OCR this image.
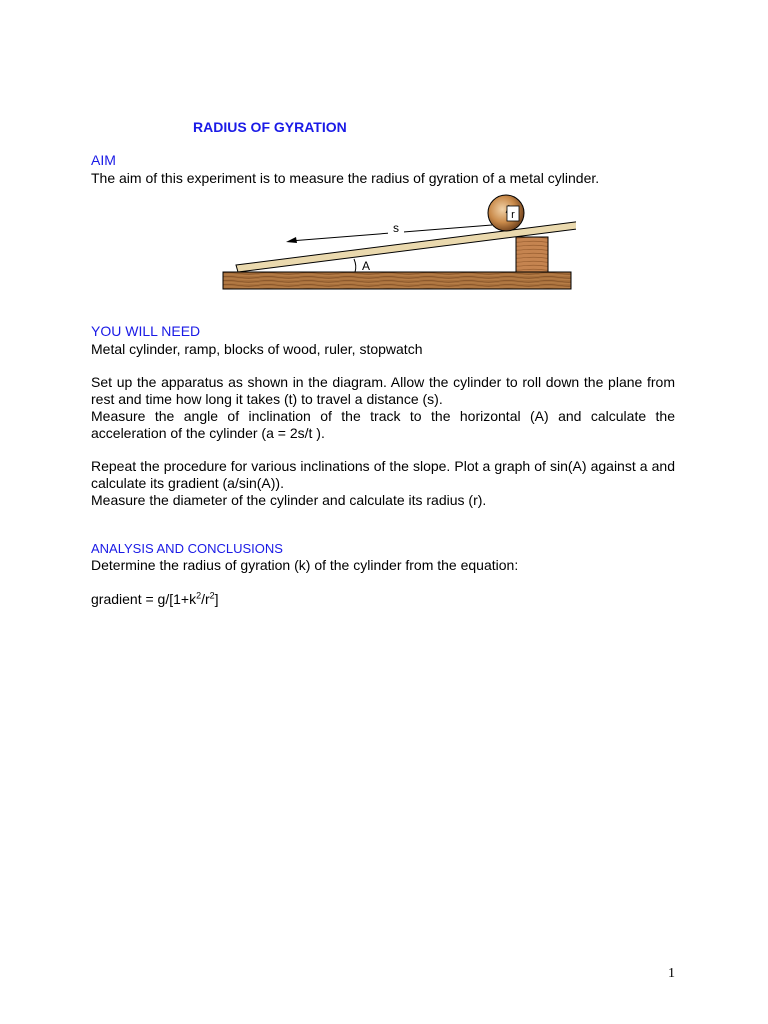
RADIUS OF GYRATION
AIM
The aim of this experiment is to measure the radius of gyration of a metal cylinder.
s
r
A
YOU WILL NEED
Metal cylinder, ramp, blocks of wood, ruler, stopwatch
Set up the apparatus as shown in the diagram. Allow the cylinder to roll down the plane from rest and time how long it takes (t) to travel a distance (s).
Measure the angle of inclination of the track to the horizontal (A) and calculate the acceleration of the cylinder (a = 2s/t ).
Repeat the procedure for various inclinations of the slope. Plot a graph of sin(A) against a and calculate its gradient (a/sin(A)).
Measure the diameter of the cylinder and calculate its radius (r).
ANALYSIS AND CONCLUSIONS
Determine the radius of gyration (k) of the cylinder from the equation:
gradient = $g/[1+k^2/r^2]$
1
